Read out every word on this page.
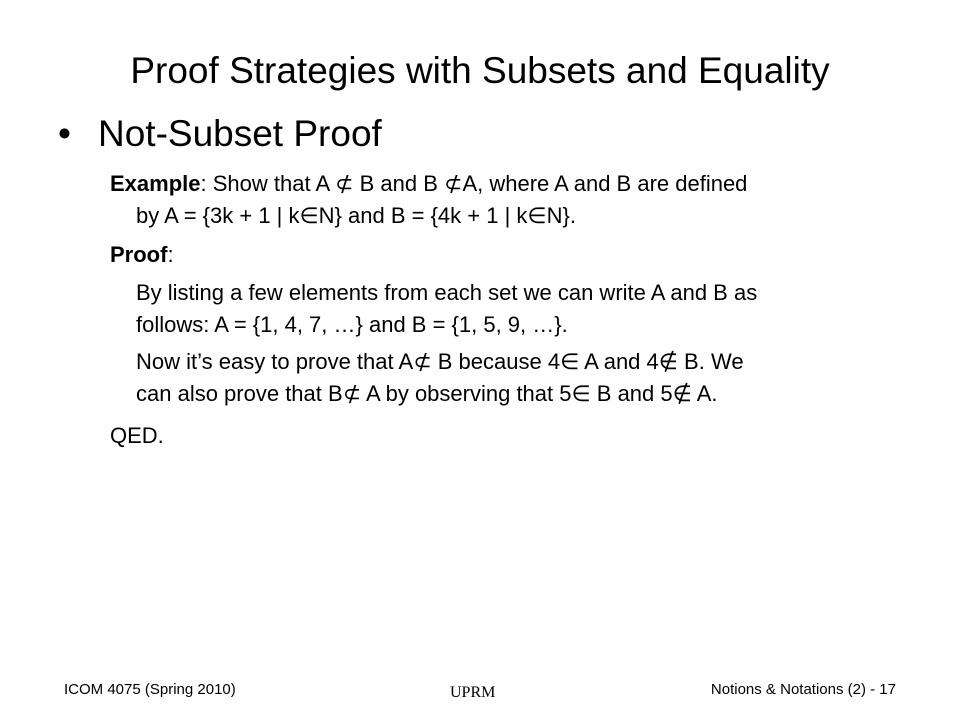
Proof Strategies with Subsets and Equality
• Not-Subset Proof
Example: Show that A ⊄ B and B ⊄A, where A and B are defined
by A = {3k + 1 | k∈N} and B = {4k + 1 | k∈N}.
Proof:
By listing a few elements from each set we can write A and B as
follows: A = {1, 4, 7, …} and B = {1, 5, 9, …}.
Now it’s easy to prove that A⊄ B because 4∈ A and 4∉ B. We
can also prove that B⊄ A by observing that 5∈ B and 5∉ A.
QED.
ICOM 4075 (Spring 2010)	UPRM	Notions & Notations (2) - 17
